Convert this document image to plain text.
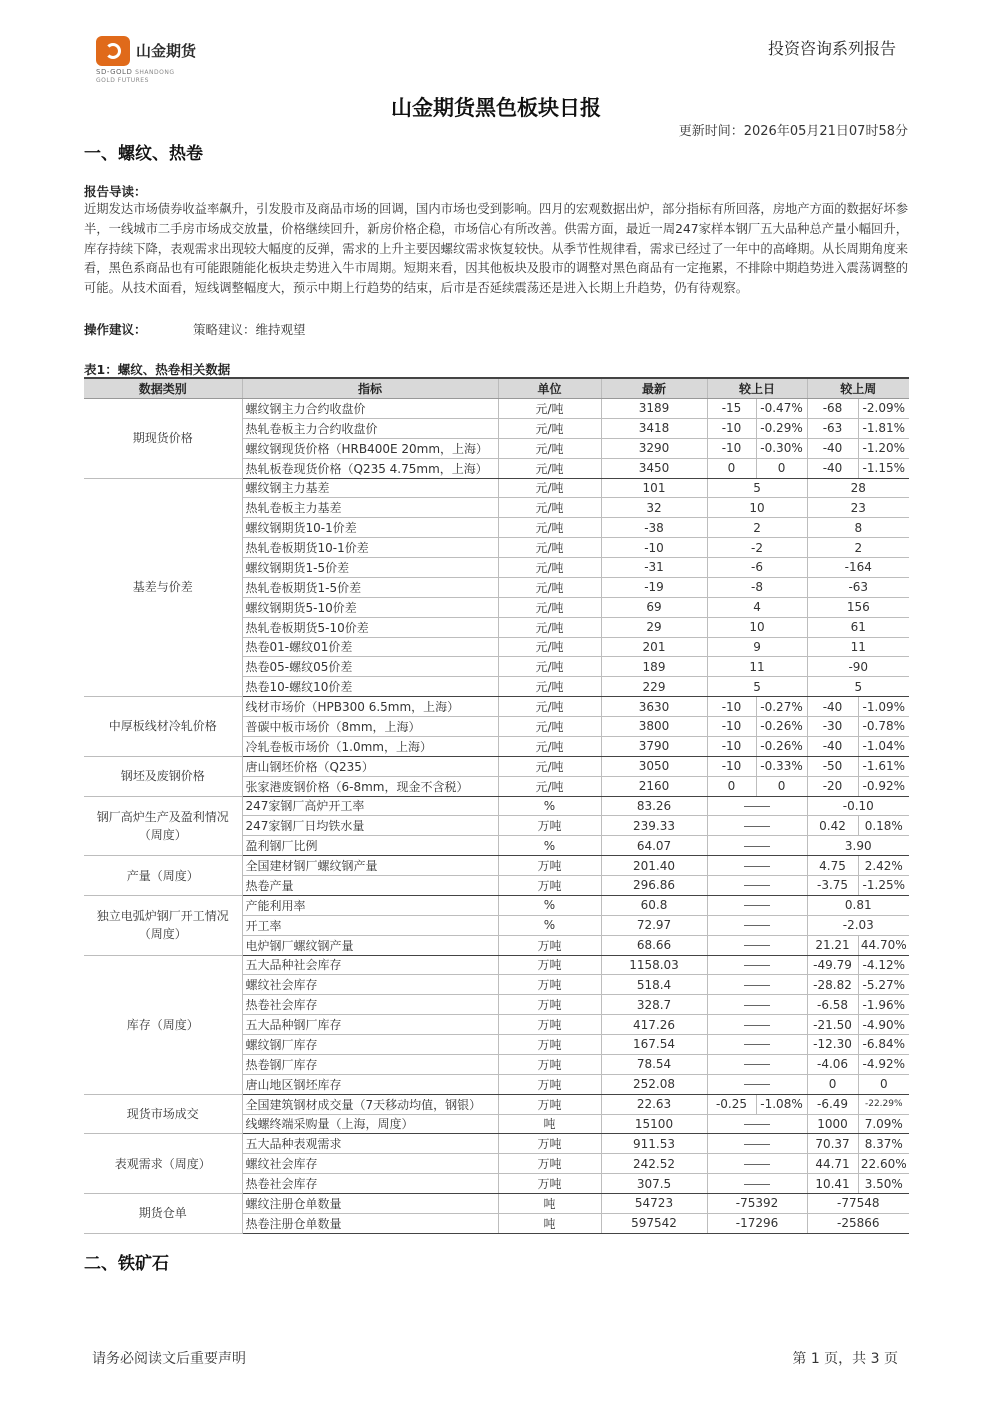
山金期货
SD-GOLD SHANDONG GOLD FUTURES
投资咨询系列报告
山金期货黑色板块日报
更新时间：2026年05月21日07时58分
一、螺纹、热卷
报告导读：
近期发达市场债券收益率飙升，引发股市及商品市场的回调，国内市场也受到影响。四月的宏观数据出炉，部分指标有所回落，房地产方面的数据好坏参半，一线城市二手房市场成交放量，价格继续回升，新房价格企稳，市场信心有所改善。供需方面，最近一周247家样本钢厂五大品种总产量小幅回升，库存持续下降，表观需求出现较大幅度的反弹，需求的上升主要因螺纹需求恢复较快。从季节性规律看，需求已经过了一年中的高峰期。从长周期角度来看，黑色系商品也有可能跟随能化板块走势进入牛市周期。短期来看，因其他板块及股市的调整对黑色商品有一定拖累，不排除中期趋势进入震荡调整的可能。从技术面看，短线调整幅度大，预示中期上行趋势的结束，后市是否延续震荡还是进入长期上升趋势，仍有待观察。
操作建议：	策略建议：维持观望
表1：螺纹、热卷相关数据
数据类别	指标	单位	最新	较上日		较上周	
期现货价格	螺纹钢主力合约收盘价	元/吨	3189	-15	-0.47%	-68	-2.09%
	热轧卷板主力合约收盘价	元/吨	3418	-10	-0.29%	-63	-1.81%
	螺纹钢现货价格（HRB400E 20mm，上海）	元/吨	3290	-10	-0.30%	-40	-1.20%
	热轧板卷现货价格（Q235 4.75mm，上海）	元/吨	3450	0	0	-40	-1.15%
基差与价差	螺纹钢主力基差	元/吨	101	5		28	
	热轧卷板主力基差	元/吨	32	10		23	
	螺纹钢期货10-1价差	元/吨	-38	2		8	
	热轧卷板期货10-1价差	元/吨	-10	-2		2	
	螺纹钢期货1-5价差	元/吨	-31	-6		-164	
	热轧卷板期货1-5价差	元/吨	-19	-8		-63	
	螺纹钢期货5-10价差	元/吨	69	4		156	
	热轧卷板期货5-10价差	元/吨	29	10		61	
	热卷01-螺纹01价差	元/吨	201	9		11	
	热卷05-螺纹05价差	元/吨	189	11		-90	
	热卷10-螺纹10价差	元/吨	229	5		5	
中厚板线材冷轧价格	线材市场价（HPB300 6.5mm，上海）	元/吨	3630	-10	-0.27%	-40	-1.09%
	普碳中板市场价（8mm，上海）	元/吨	3800	-10	-0.26%	-30	-0.78%
	冷轧卷板市场价（1.0mm，上海）	元/吨	3790	-10	-0.26%	-40	-1.04%
钢坯及废钢价格	唐山钢坯价格（Q235）	元/吨	3050	-10	-0.33%	-50	-1.61%
	张家港废钢价格（6-8mm，现金不含税）	元/吨	2160	0	0	-20	-0.92%
钢厂高炉生产及盈利情况（周度）	247家钢厂高炉开工率	%	83.26			-0.10	
	247家钢厂日均铁水量	万吨	239.33			0.42	0.18%
	盈利钢厂比例	%	64.07			3.90	
产量（周度）	全国建材钢厂螺纹钢产量	万吨	201.40			4.75	2.42%
	热卷产量	万吨	296.86			-3.75	-1.25%
独立电弧炉钢厂开工情况（周度）	产能利用率	%	60.8			0.81	
	开工率	%	72.97			-2.03	
	电炉钢厂螺纹钢产量	万吨	68.66			21.21	44.70%
库存（周度）	五大品种社会库存	万吨	1158.03			-49.79	-4.12%
	螺纹社会库存	万吨	518.4			-28.82	-5.27%
	热卷社会库存	万吨	328.7			-6.58	-1.96%
	五大品种钢厂库存	万吨	417.26			-21.50	-4.90%
	螺纹钢厂库存	万吨	167.54			-12.30	-6.84%
	热卷钢厂库存	万吨	78.54			-4.06	-4.92%
	唐山地区钢坯库存	万吨	252.08			0	0
现货市场成交	全国建筑钢材成交量（7天移动均值，钢银）	万吨	22.63	-0.25	-1.08%	-6.49	-22.29%
	线螺终端采购量（上海，周度）	吨	15100			1000	7.09%
表观需求（周度）	五大品种表观需求	万吨	911.53			70.37	8.37%
	螺纹社会库存	万吨	242.52			44.71	22.60%
	热卷社会库存	万吨	307.5			10.41	3.50%
期货仓单	螺纹注册仓单数量	吨	54723	-75392		-77548	
	热卷注册仓单数量	吨	597542	-17296		-25866	
二、铁矿石
请务必阅读文后重要声明	第 1 页，共 3 页
